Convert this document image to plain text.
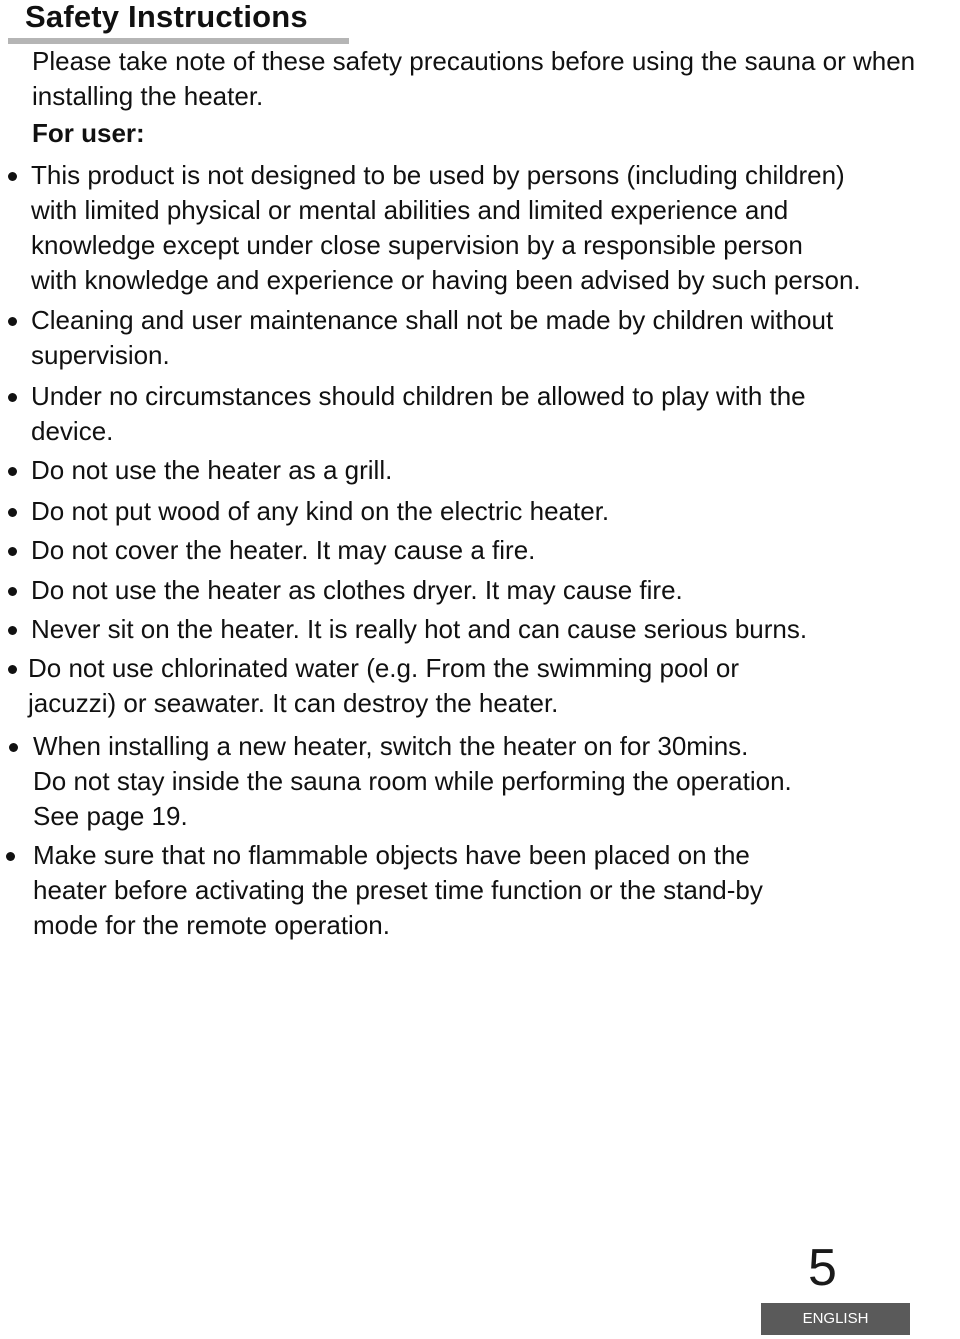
Safety Instructions
Please take note of these safety precautions before using the sauna or when installing the heater.
For user:
This product is not designed to be used by persons (including children)
with limited physical or mental abilities and limited experience and
knowledge except under close supervision by a responsible person
with knowledge and experience or having been advised by such person.
Cleaning and user maintenance shall not be made by children without
supervision.
Under no circumstances should children be allowed to play with the
device.
Do not use the heater as a grill.
Do not put wood of any kind on the electric heater.
Do not cover the heater. It may cause a fire.
Do not use the heater as clothes dryer. It may cause fire.
Never sit on the heater. It is really hot and can cause serious burns.
Do not use chlorinated water (e.g. From the swimming pool or
jacuzzi) or seawater. It can destroy the heater.
When installing a new heater, switch the heater on for 30mins.
Do not stay inside the sauna room while performing the operation.
See page 19.
Make sure that no flammable objects have been placed on the
heater before activating the preset time function or the stand-by
mode for the remote operation.
5
ENGLISH
